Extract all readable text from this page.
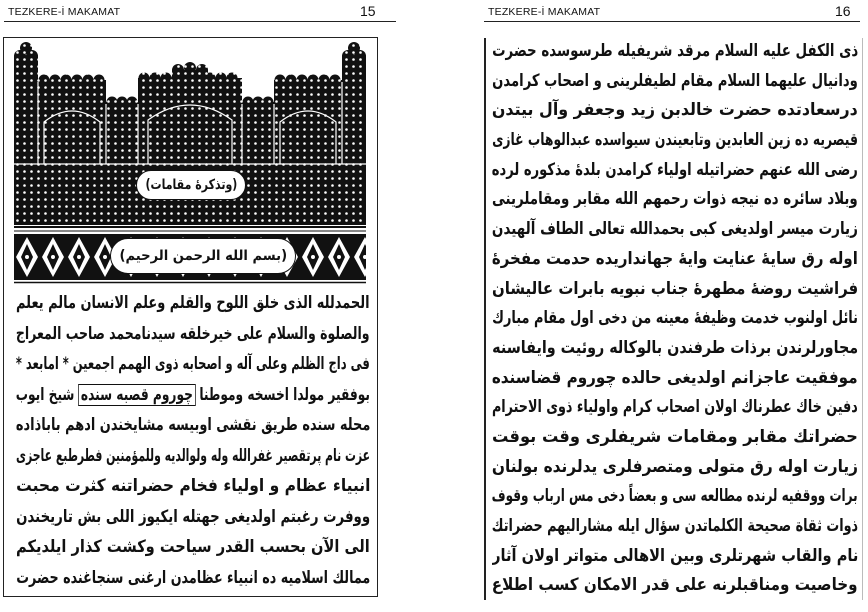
TEZKERE-İ MAKAMAT	15
(وتذكرهٔ مقامات)
(بسم الله الرحمن الرحيم)
الحمدلله الذى خلق اللوح والقلم وعلم الانسان مالم يعلم
والصلوة والسلام على خيرخلقه سيدنامحمد صاحب المعراج
فى داج الظلم وعلى آله و اصحابه ذوى الهمم اجمعين * امابعد *
بوفقير مولدا اخسخه وموطناچوروم قصبه سندهشيخ ايوب
محله سنده طريق نقشى اوبيسه مشايخندن ادهم باباذاده
عزت نام پرتقصير غفرالله وله ولوالديه وللمؤمنين فطرطبع عاجزى
انبياء عظام و اولياء فخام حضراتنه كثرت محبت
ووفرت رغبتم اولديغى جهتله ايكيوز اللى بش تاريخندن
الى الآن بحسب القدر سياحت وكشت كذار ايلديكم
ممالك اسلاميه ده انبياء عظامدن ارغنى سنجاغنده حضرت
TEZKERE-İ MAKAMAT	16
ذى الكفل عليه السلام مرقد شريفيله طرسوسده حضرت
ودانيال عليهما السلام مقام لطيفلرينى و اصحاب كرامدن
درسعادتده حضرت خالدبن زيد وجعفر وآل بيتدن
قيصريه ده زين العابدين وتابعيندن سيواسده عبدالوهاب غازى
رضى الله عنهم حضراتيله اولياء كرامدن بلدهٔ مذكوره لرده
وبلاد سائره ده نيجه ذوات رحمهم الله مقابر ومقاملرينى
زيارت ميسر اولديغى كبى بحمدالله تعالى الطاف آلهيدن
اوله رق سايهٔ عنايت وايهٔ جهانداريده حدمت مفخرهٔ
فراشيت روضهٔ مطهرهٔ جناب نبويه بابرات عاليشان
نائل اولنوب خدمت وظيفهٔ معينه من دخى اول مقام مبارك
مجاورلرندن برذات طرفندن بالوكاله روئيت وايفاسنه
موفقيت عاجزانم اولديغى حالده چوروم قضاسنده
دفين خاك عطرناك اولان اصحاب كرام واولياء ذوى الاحترام
حضراتك مقابر ومقامات شريفلرى وقت بوقت
زيارت اوله رق متولى ومتصرفلرى يدلرنده بولنان
برات ووقفيه لرنده مطالعه سى و بعضاً دخى مس ارباب وقوف
ذوات ثقاة صحيحة الكلماتدن سؤال ايله مشاراليهم حضراتك
نام والقاب شهرتلرى وبين الاهالى متواتر اولان آثار
وخاصيت ومناقبلرنه على قدر الامكان كسب اطلاع
